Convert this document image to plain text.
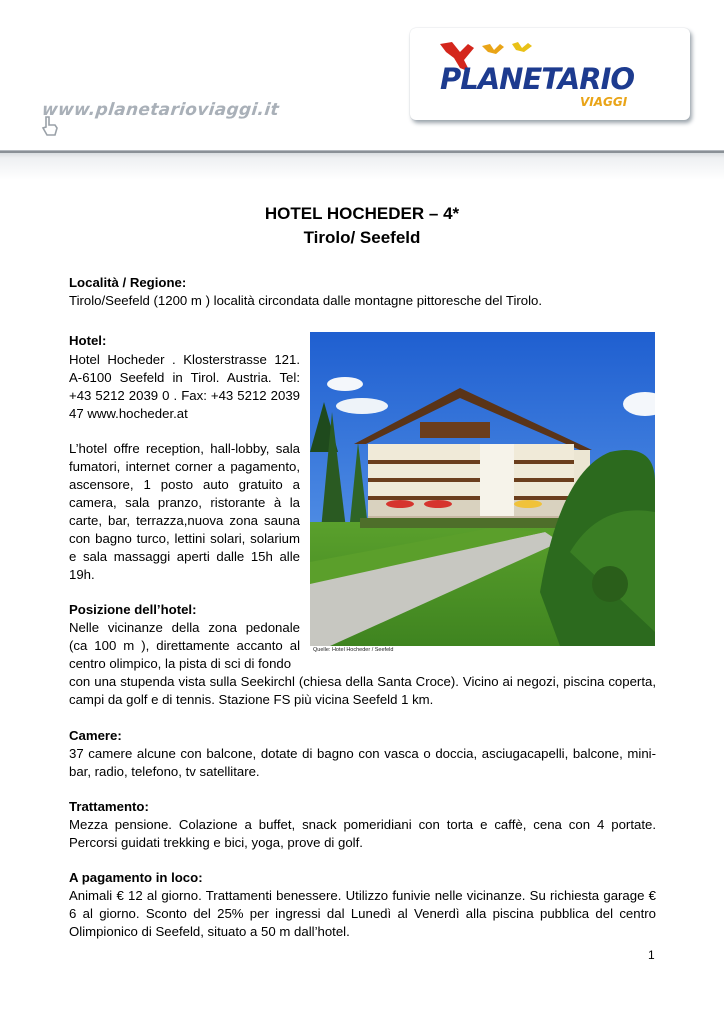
www.planetarioviaggi.it
PLANETARIO
VIAGGI
HOTEL HOCHEDER – 4*
Tirolo/ Seefeld
Località / Regione:
Tirolo/Seefeld (1200 m ) località circondata dalle montagne pittoresche del Tirolo.
Hotel:
Hotel Hocheder . Klosterstrasse 121. A-6100 Seefeld in Tirol. Austria. Tel: +43 5212 2039 0 . Fax: +43 5212 2039 47 www.hocheder.at
L’hotel offre reception, hall-lobby, sala fumatori, internet corner a pagamento, ascensore, 1 posto auto gratuito a camera, sala pranzo, ristorante à la carte, bar, terrazza,nuova zona sauna con bagno turco, lettini solari, solarium e sala massaggi aperti dalle 15h alle 19h.
Quelle: Hotel Hocheder / Seefeld
Posizione dell’hotel:
Nelle vicinanze della zona pedonale (ca 100 m ), direttamente accanto al centro olimpico, la pista di sci di fondo
con una stupenda vista sulla Seekirchl (chiesa della Santa Croce). Vicino ai negozi, piscina coperta, campi da golf e di tennis. Stazione FS più vicina Seefeld 1 km.
Camere:
37 camere alcune con balcone, dotate di bagno con vasca o doccia, asciugacapelli, balcone, mini-bar, radio, telefono, tv satellitare.
Trattamento:
Mezza pensione. Colazione a buffet, snack pomeridiani con torta e caffè, cena con 4 portate. Percorsi guidati trekking e bici, yoga, prove di golf.
A pagamento in loco:
Animali € 12 al giorno. Trattamenti benessere. Utilizzo funivie nelle vicinanze. Su richiesta garage € 6 al giorno. Sconto del 25% per ingressi dal Lunedì al Venerdì alla piscina pubblica del centro Olimpionico di Seefeld, situato a 50 m dall’hotel.
1
